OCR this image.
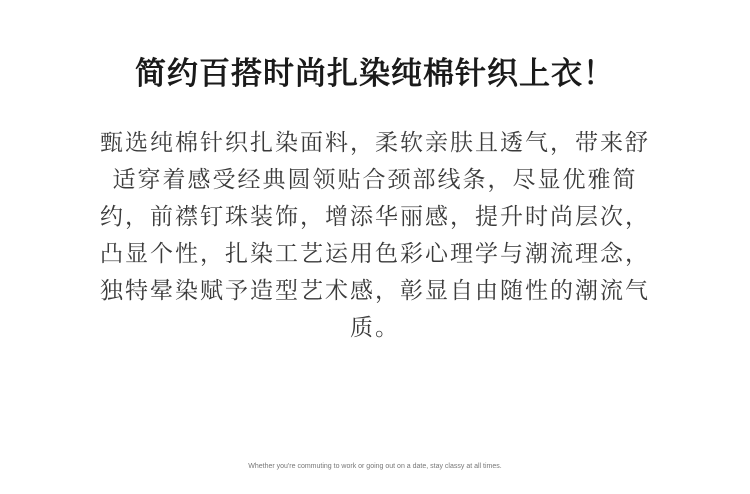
简约百搭时尚扎染纯棉针织上衣！
甄选纯棉针织扎染面料，柔软亲肤且透气，带来舒
适穿着感受经典圆领贴合颈部线条，尽显优雅简
约，前襟钉珠装饰，增添华丽感，提升时尚层次，
凸显个性，扎染工艺运用色彩心理学与潮流理念，
独特晕染赋予造型艺术感，彰显自由随性的潮流气
质。
Whether you're commuting to work or going out on a date, stay classy at all times.
